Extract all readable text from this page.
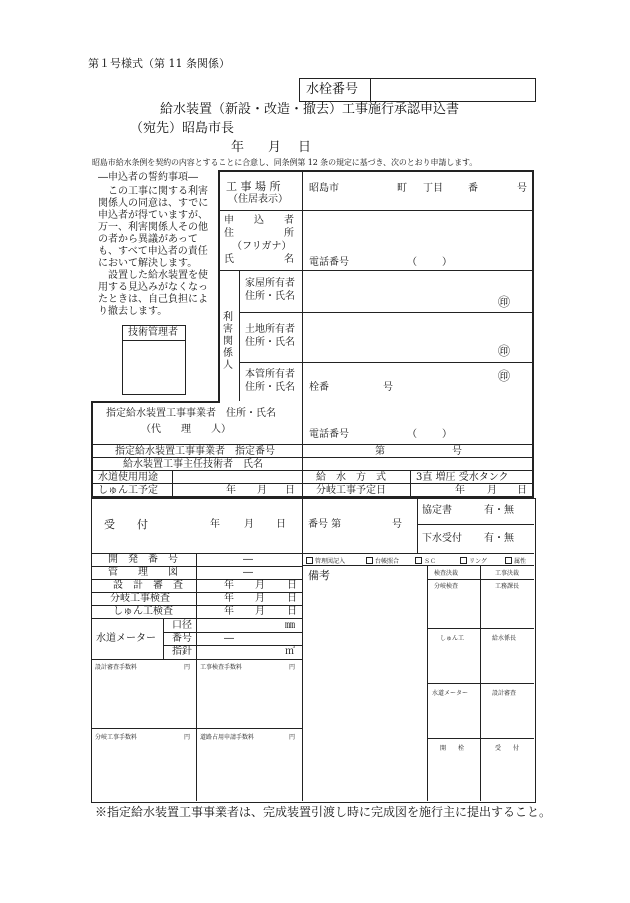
第１号様式（第 11 条関係）
水栓番号
給水装置（新設・改造・撤去）工事施行承認申込書
（宛先）昭島市長
年 月 日
昭島市給水条例を契約の内容とすることに合意し、同条例第 12 条の規定に基づき、次のとおり申請します。
―申込者の誓約事項―
　この工事に関する利害
関係人の同意は、すでに
申込者が得ていますが、
万一、利害関係人その他
の者から異議があって
も、すべて申込者の責任
において解決します。
　設置した給水装置を使
用する見込みがなくなっ
たときは、自己負担によ
り撤去します。
技術管理者
工 事 場 所
（住居表示）
昭島市	町 丁目	番	号
申　　込　　者
住　　　　　所
（フリガナ）
氏　　　　　名 電話番号	（	）
利害関係人
家屋所有者
住所・氏名	㊞
土地所有者
住所・氏名
㊞
本管所有者
住所・氏名
㊞
栓番	号
指定給水装置工事事業者　住所・氏名
（代　　理　　人）	電話番号	（	）
指定給水装置工事事業者　指定番号	第	号
給水装置工事主任技術者　氏名
水道使用用途	給　水　方　式	3直 増圧 受水タンク
しゅん工予定	年 月 日 分岐工事予定日	年 月 日
受　　付	年 月 日 番号 第	号
協定書	有・無
下水受付 有・無
開　発　番　号	―
管　　理　　図	―
設　計　審　査	年 月 日
分岐工事検査	年 月 日
しゅん工検査	年 月 日
水道メーター
口径	㎜
番号	―
指針	㎥
設計審査手数料	円 工事検査手数料	円
分岐工事手数料	円 道路占用申請手数料	円
管理図記入	台帳照合	ＳＣ	リング	属性
備考	検査決裁	工事決裁
分岐検査	工務課長
しゅん工	給水係長
水道メーター	設計審査
開　　栓	受　　付
※指定給水装置工事事業者は、完成装置引渡し時に完成図を施行主に提出すること。
